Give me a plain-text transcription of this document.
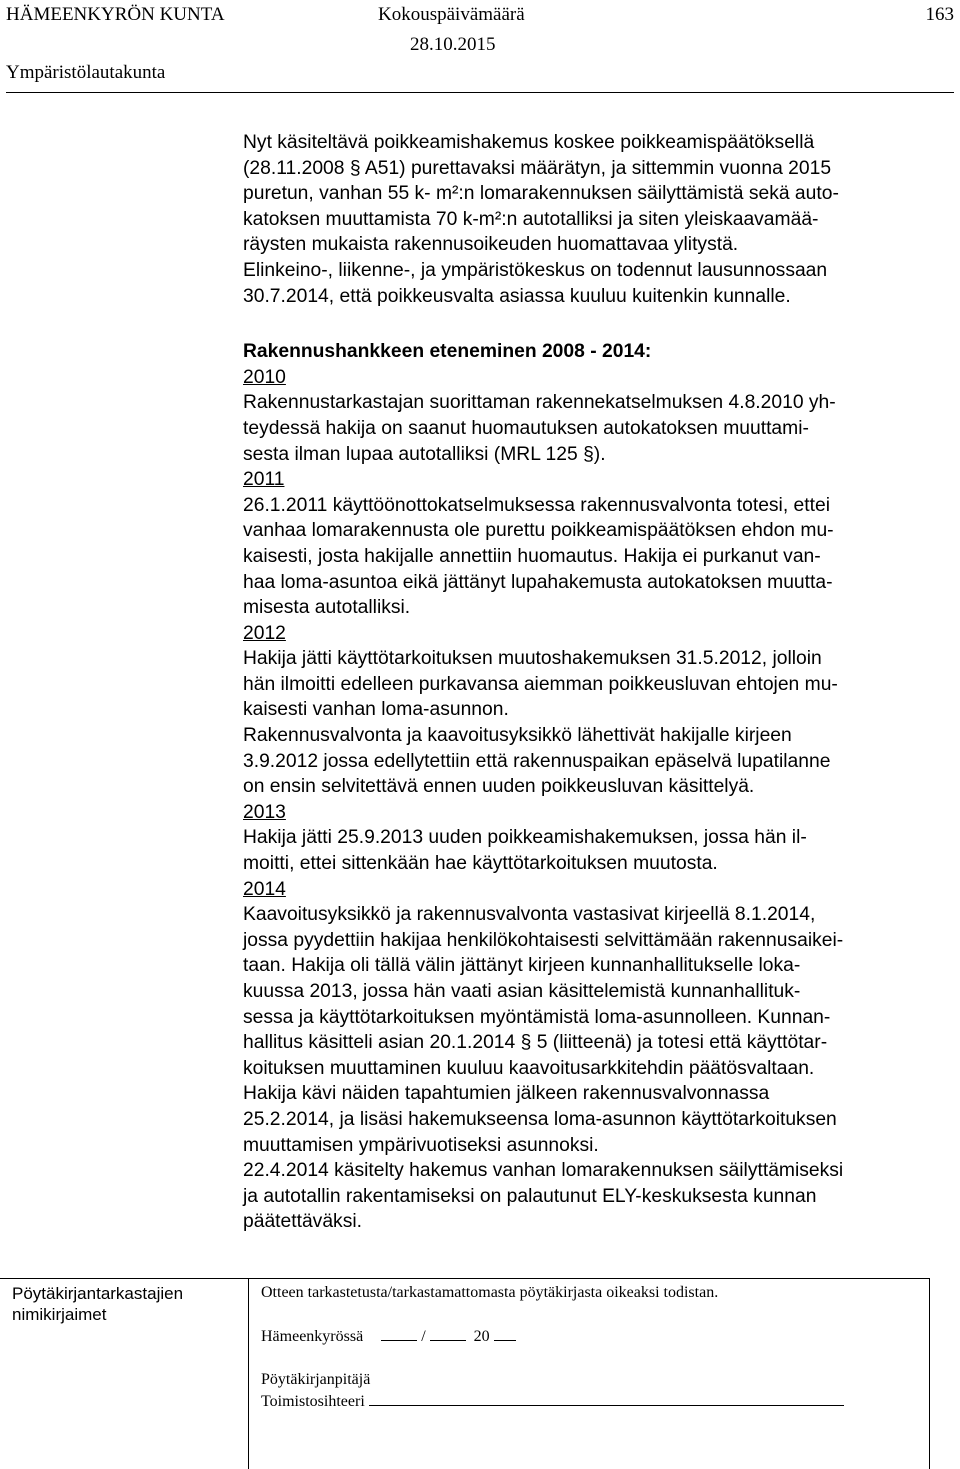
HÄMEENKYRÖN KUNTA
Ympäristölautakunta
Kokouspäivämäärä
28.10.2015
163

Nyt käsiteltävä poikkeamishakemus koskee poikkeamispäätöksellä

(28.11.2008 § A51) purettavaksi määrätyn, ja sittemmin vuonna 2015

puretun, vanhan 55 k- m²:n lomarakennuksen säilyttämistä sekä auto-

katoksen muuttamista 70 k-m²:n autotalliksi ja siten yleiskaavamää-

räysten mukaista rakennusoikeuden huomattavaa ylitystä.

Elinkeino-, liikenne-, ja ympäristökeskus on todennut lausunnossaan

30.7.2014, että poikkeusvalta asiassa kuuluu kuitenkin kunnalle.

Rakennushankkeen eteneminen 2008 - 2014:

2010

Rakennustarkastajan suorittaman rakennekatselmuksen 4.8.2010 yh-

teydessä hakija on saanut huomautuksen autokatoksen muuttami-

sesta ilman lupaa autotalliksi (MRL 125 §).

2011

26.1.2011 käyttöönottokatselmuksessa rakennusvalvonta totesi, ettei

vanhaa lomarakennusta ole purettu poikkeamispäätöksen ehdon mu-

kaisesti, josta hakijalle annettiin huomautus. Hakija ei purkanut van-

haa loma-asuntoa eikä jättänyt lupahakemusta autokatoksen muutta-

misesta autotalliksi.

2012

Hakija jätti käyttötarkoituksen muutoshakemuksen 31.5.2012, jolloin

hän ilmoitti edelleen purkavansa aiemman poikkeusluvan ehtojen mu-

kaisesti vanhan loma-asunnon.

Rakennusvalvonta ja kaavoitusyksikkö lähettivät hakijalle kirjeen

3.9.2012 jossa edellytettiin että rakennuspaikan epäselvä lupatilanne

on ensin selvitettävä ennen uuden poikkeusluvan käsittelyä.

2013

Hakija jätti 25.9.2013 uuden poikkeamishakemuksen, jossa hän il-

moitti, ettei sittenkään hae käyttötarkoituksen muutosta.

2014

Kaavoitusyksikkö ja rakennusvalvonta vastasivat kirjeellä 8.1.2014,

jossa pyydettiin hakijaa henkilökohtaisesti selvittämään rakennusaikei-

taan. Hakija oli tällä välin jättänyt kirjeen kunnanhallitukselle loka-

kuussa 2013, jossa hän vaati asian käsittelemistä kunnanhallituk-

sessa ja käyttötarkoituksen myöntämistä loma-asunnolleen. Kunnan-

hallitus käsitteli asian 20.1.2014 § 5 (liitteenä) ja totesi että käyttötar-

koituksen muuttaminen kuuluu kaavoitusarkkitehdin päätösvaltaan.

Hakija kävi näiden tapahtumien jälkeen rakennusvalvonnassa

25.2.2014, ja lisäsi hakemukseensa loma-asunnon käyttötarkoituksen

muuttamisen ympärivuotiseksi asunnoksi.

22.4.2014 käsitelty hakemus vanhan lomarakennuksen säilyttämiseksi

ja autotallin rakentamiseksi on palautunut ELY-keskuksesta kunnan

päätettäväksi.

Pöytäkirjantarkastajien
nimikirjaimet
Otteen tarkastetusta/tarkastamattomasta pöytäkirjasta oikeaksi todistan.
Hämeenkyrössä	/	20
Pöytäkirjanpitäjä
Toimistosihteeri
